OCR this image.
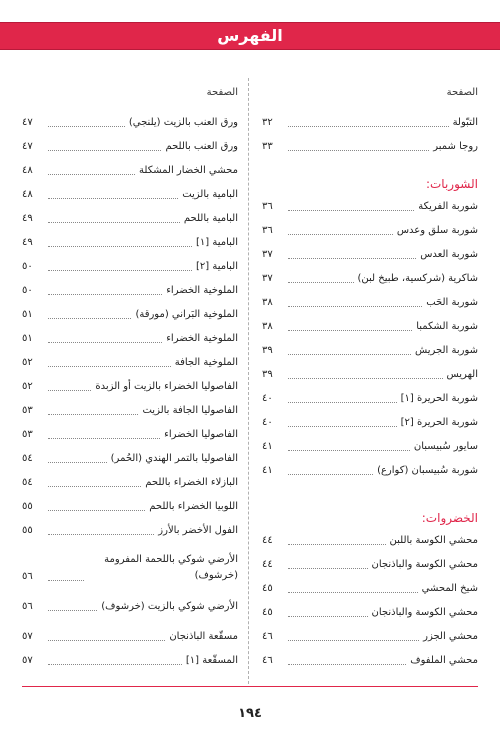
الفهرس
الصفحة
التبّولة
٣٢
روجا شمبر
٣٣
الشوربات:
شوربة الفريكة
٣٦
شوربة سلق وعدس
٣٦
شوربة العدس
٣٧
شاكرية (شركسية، طبيخ لبن)
٣٧
شوربة الحَب
٣٨
شوربة الشكمبا
٣٨
شوربة الجريش
٣٩
الهريس
٣٩
شوربة الحريرة [١]
٤٠
شوربة الحريرة [٢]
٤٠
سايور سُبيسبان
٤١
شوربة سُبيسبان (كوارع)
٤١
الخضروات:
محشي الكوسة باللبن
٤٤
محشي الكوسة والباذنجان
٤٤
شيخ المحشي
٤٥
محشي الكوسة والباذنجان
٤٥
محشي الجزر
٤٦
محشي الملفوف
٤٦
الصفحة
ورق العنب بالزيت (يلنجي)
٤٧
ورق العنب باللحم
٤٧
محشي الخضار المشكلة
٤٨
البامية بالزيت
٤٨
البامية باللحم
٤٩
البامية [١]
٤٩
البامية [٢]
٥٠
الملوخية الخضراء
٥٠
الملوخية البَراني (مورقة)
٥١
الملوخية الخضراء
٥١
الملوخية الجافة
٥٢
الفاصوليا الخضراء بالزيت أو الزبدة
٥٢
الفاصوليا الجافة بالزيت
٥٣
الفاصوليا الخضراء
٥٣
الفاصوليا بالتمر الهندي (الحُمر)
٥٤
البازلاء الخضراء باللحم
٥٤
اللوبيا الخضراء باللحم
٥٥
الفول الأخضر بالأرز
٥٥
الأرضي شوكي باللحمة المفرومة (خرشوف)
٥٦
الأرضي شوكي بالزيت (خرشوف)
٥٦
مسقّعة الباذنجان
٥٧
المسقّعة [١]
٥٧
١٩٤
